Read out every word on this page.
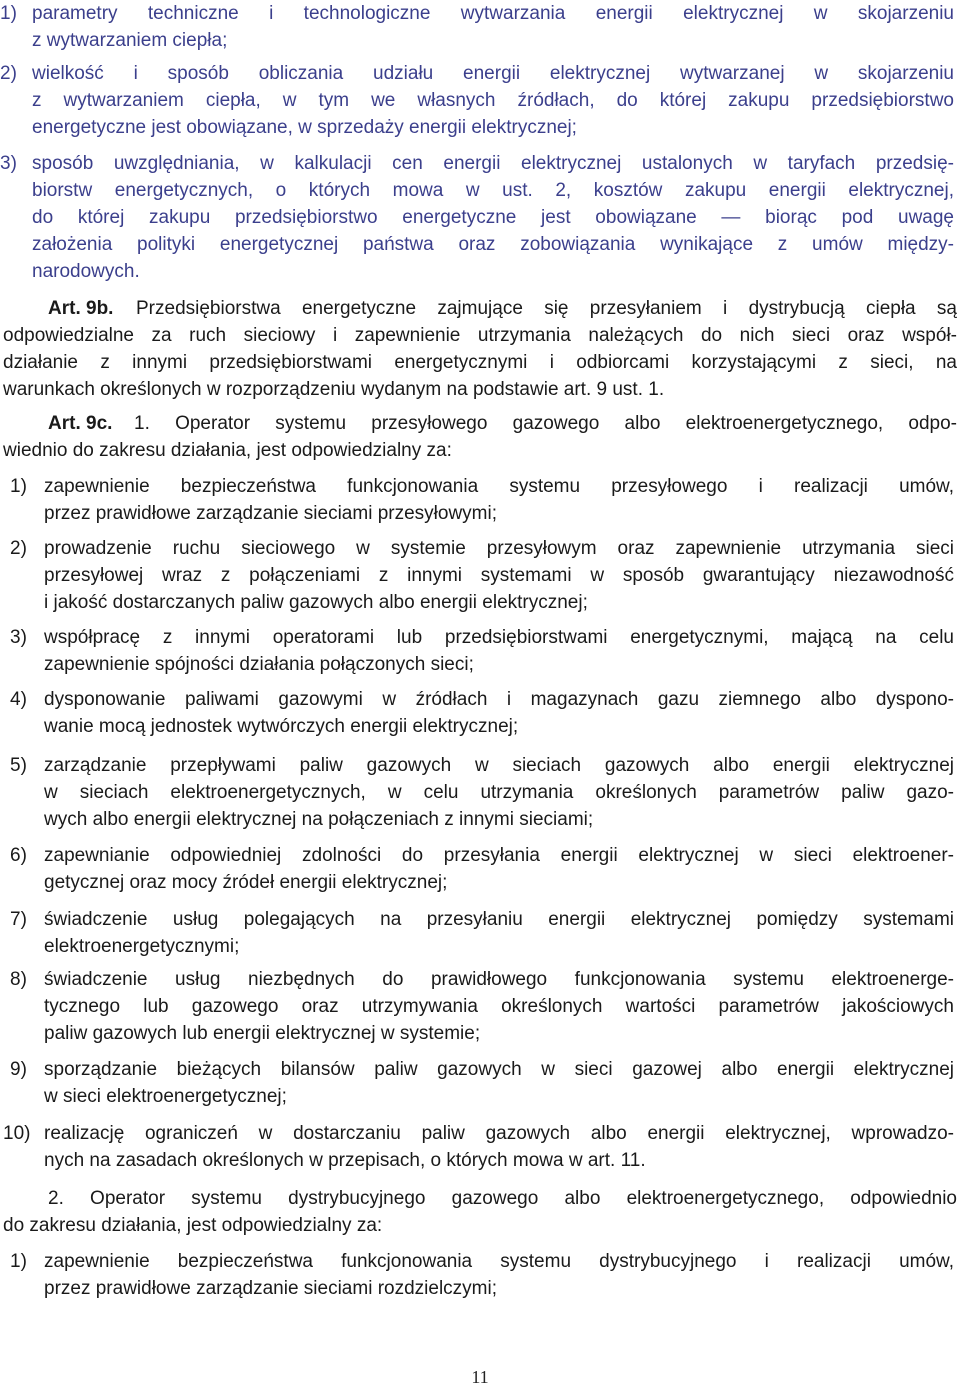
1) parametry techniczne i technologiczne wytwarzania energii elektrycznej w skojarzeniu
z wytwarzaniem ciepła;
2) wielkość i sposób obliczania udziału energii elektrycznej wytwarzanej w skojarzeniu
z wytwarzaniem ciepła, w tym we własnych źródłach, do której zakupu przedsiębiorstwo
energetyczne jest obowiązane, w sprzedaży energii elektrycznej;
3) sposób uwzględniania, w kalkulacji cen energii elektrycznej ustalonych w taryfach przedsię-
biorstw energetycznych, o których mowa w ust. 2, kosztów zakupu energii elektrycznej,
do której zakupu przedsiębiorstwo energetyczne jest obowiązane — biorąc pod uwagę
założenia polityki energetycznej państwa oraz zobowiązania wynikające z umów między-
narodowych.
Art. 9b. Przedsiębiorstwa energetyczne zajmujące się przesyłaniem i dystrybucją ciepła są
odpowiedzialne za ruch sieciowy i zapewnienie utrzymania należących do nich sieci oraz współ-
działanie z innymi przedsiębiorstwami energetycznymi i odbiorcami korzystającymi z sieci, na
warunkach określonych w rozporządzeniu wydanym na podstawie art. 9 ust. 1.
Art. 9c. 1. Operator systemu przesyłowego gazowego albo elektroenergetycznego, odpo-
wiednio do zakresu działania, jest odpowiedzialny za:
1) zapewnienie bezpieczeństwa funkcjonowania systemu przesyłowego i realizacji umów,
przez prawidłowe zarządzanie sieciami przesyłowymi;
2) prowadzenie ruchu sieciowego w systemie przesyłowym oraz zapewnienie utrzymania sieci
przesyłowej wraz z połączeniami z innymi systemami w sposób gwarantujący niezawodność
i jakość dostarczanych paliw gazowych albo energii elektrycznej;
3) współpracę z innymi operatorami lub przedsiębiorstwami energetycznymi, mającą na celu
zapewnienie spójności działania połączonych sieci;
4) dysponowanie paliwami gazowymi w źródłach i magazynach gazu ziemnego albo dyspono-
wanie mocą jednostek wytwórczych energii elektrycznej;
5) zarządzanie przepływami paliw gazowych w sieciach gazowych albo energii elektrycznej
w sieciach elektroenergetycznych, w celu utrzymania określonych parametrów paliw gazo-
wych albo energii elektrycznej na połączeniach z innymi sieciami;
6) zapewnianie odpowiedniej zdolności do przesyłania energii elektrycznej w sieci elektroener-
getycznej oraz mocy źródeł energii elektrycznej;
7) świadczenie usług polegających na przesyłaniu energii elektrycznej pomiędzy systemami
elektroenergetycznymi;
8) świadczenie usług niezbędnych do prawidłowego funkcjonowania systemu elektroenerge-
tycznego lub gazowego oraz utrzymywania określonych wartości parametrów jakościowych
paliw gazowych lub energii elektrycznej w systemie;
9) sporządzanie bieżących bilansów paliw gazowych w sieci gazowej albo energii elektrycznej
w sieci elektroenergetycznej;
10) realizację ograniczeń w dostarczaniu paliw gazowych albo energii elektrycznej, wprowadzo-
nych na zasadach określonych w przepisach, o których mowa w art. 11.
2. Operator systemu dystrybucyjnego gazowego albo elektroenergetycznego, odpowiednio
do zakresu działania, jest odpowiedzialny za:
1) zapewnienie bezpieczeństwa funkcjonowania systemu dystrybucyjnego i realizacji umów,
przez prawidłowe zarządzanie sieciami rozdzielczymi;
11
